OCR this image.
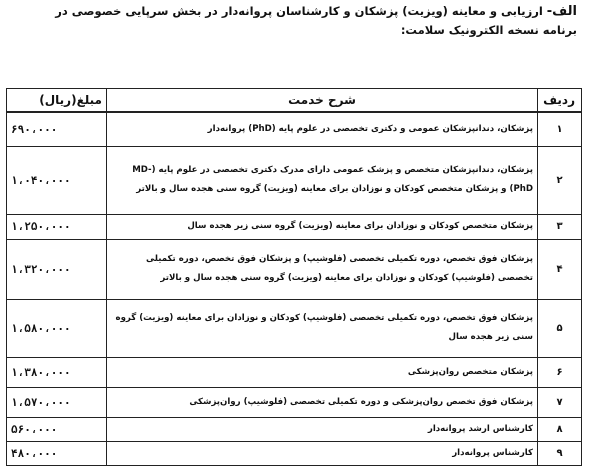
الف- ارزیابی و معاینه (ویزیت) پزشکان و کارشناسان پروانه‌دار در بخش سرپایی خصوصی در
برنامه نسخه الکترونیک سلامت:
ردیف	شرح خدمت	مبلغ(ریال)
۱	پزشکان، دندانپزشکان عمومی و دکتری تخصصی در علوم پایه (PhD) پروانه‌دار	۶۹۰،۰۰۰
۲	پزشکان، دندانپزشکان متخصص و پزشک عمومی دارای مدرک دکتری تخصصی در علوم پایه (MD-PhD) و پزشکان متخصص کودکان و نوزادان برای معاینه (ویزیت) گروه سنی هجده سال و بالاتر	۱،۰۴۰،۰۰۰
۳	پزشکان متخصص کودکان و نوزادان برای معاینه (ویزیت) گروه سنی زیر هجده سال	۱،۲۵۰،۰۰۰
۴	پزشکان فوق تخصص، دوره تکمیلی تخصصی (فلوشیپ) و پزشکان فوق تخصص، دوره تکمیلی تخصصی (فلوشیپ) کودکان و نوزادان برای معاینه (ویزیت) گروه سنی هجده سال و بالاتر	۱،۳۲۰،۰۰۰
۵	پزشکان فوق تخصص، دوره تکمیلی تخصصی (فلوشیپ) کودکان و نوزادان برای معاینه (ویزیت) گروه سنی زیر هجده سال	۱،۵۸۰،۰۰۰
۶	پزشکان متخصص روان‌پزشکی	۱،۳۸۰،۰۰۰
۷	پزشکان فوق تخصص روان‌پزشکی و دوره تکمیلی تخصصی (فلوشیپ) روان‌پزشکی	۱،۵۷۰،۰۰۰
۸	کارشناس ارشد پروانه‌دار	۵۶۰،۰۰۰
۹	کارشناس پروانه‌دار	۴۸۰،۰۰۰
